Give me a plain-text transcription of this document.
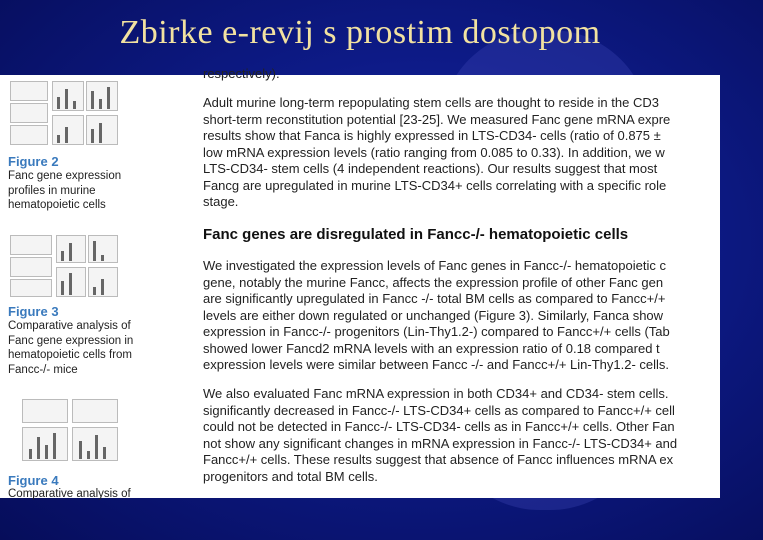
Zbirke e-revij s prostim dostopom
Figure 2
Fanc gene expression
profiles in murine
hematopoietic cells
Figure 3
Comparative analysis of
Fanc gene expression in
hematopoietic cells from
Fancc-/- mice
Figure 4
Comparative analysis of
respectively).
Adult murine long-term repopulating stem cells are thought to reside in the CD3
short-term reconstitution potential [23-25]. We measured Fanc gene mRNA expre
results show that Fanca is highly expressed in LTS-CD34- cells (ratio of 0.875 ±
low mRNA expression levels (ratio ranging from 0.085 to 0.33). In addition, we w
LTS-CD34- stem cells (4 independent reactions). Our results suggest that most
Fancg are upregulated in murine LTS-CD34+ cells correlating with a specific role
stage.
Fanc genes are disregulated in Fancc-/- hematopoietic cells
We investigated the expression levels of Fanc genes in Fancc-/- hematopoietic c
gene, notably the murine Fancc, affects the expression profile of other Fanc gen
are significantly upregulated in Fancc -/- total BM cells as compared to Fancc+/+
levels are either down regulated or unchanged (Figure 3). Similarly, Fanca show
expression in Fancc-/- progenitors (Lin-Thy1.2-) compared to Fancc+/+ cells (Tab
showed lower Fancd2 mRNA levels with an expression ratio of 0.18 compared t
expression levels were similar between Fancc -/- and Fancc+/+ Lin-Thy1.2- cells.
We also evaluated Fanc mRNA expression in both CD34+ and CD34- stem cells.
significantly decreased in Fancc-/- LTS-CD34+ cells as compared to Fancc+/+ cell
could not be detected in Fancc-/- LTS-CD34- cells as in Fancc+/+ cells. Other Fan
not show any significant changes in mRNA expression in Fancc-/- LTS-CD34+ and
Fancc+/+ cells. These results suggest that absence of Fancc influences mRNA ex
progenitors and total BM cells.
